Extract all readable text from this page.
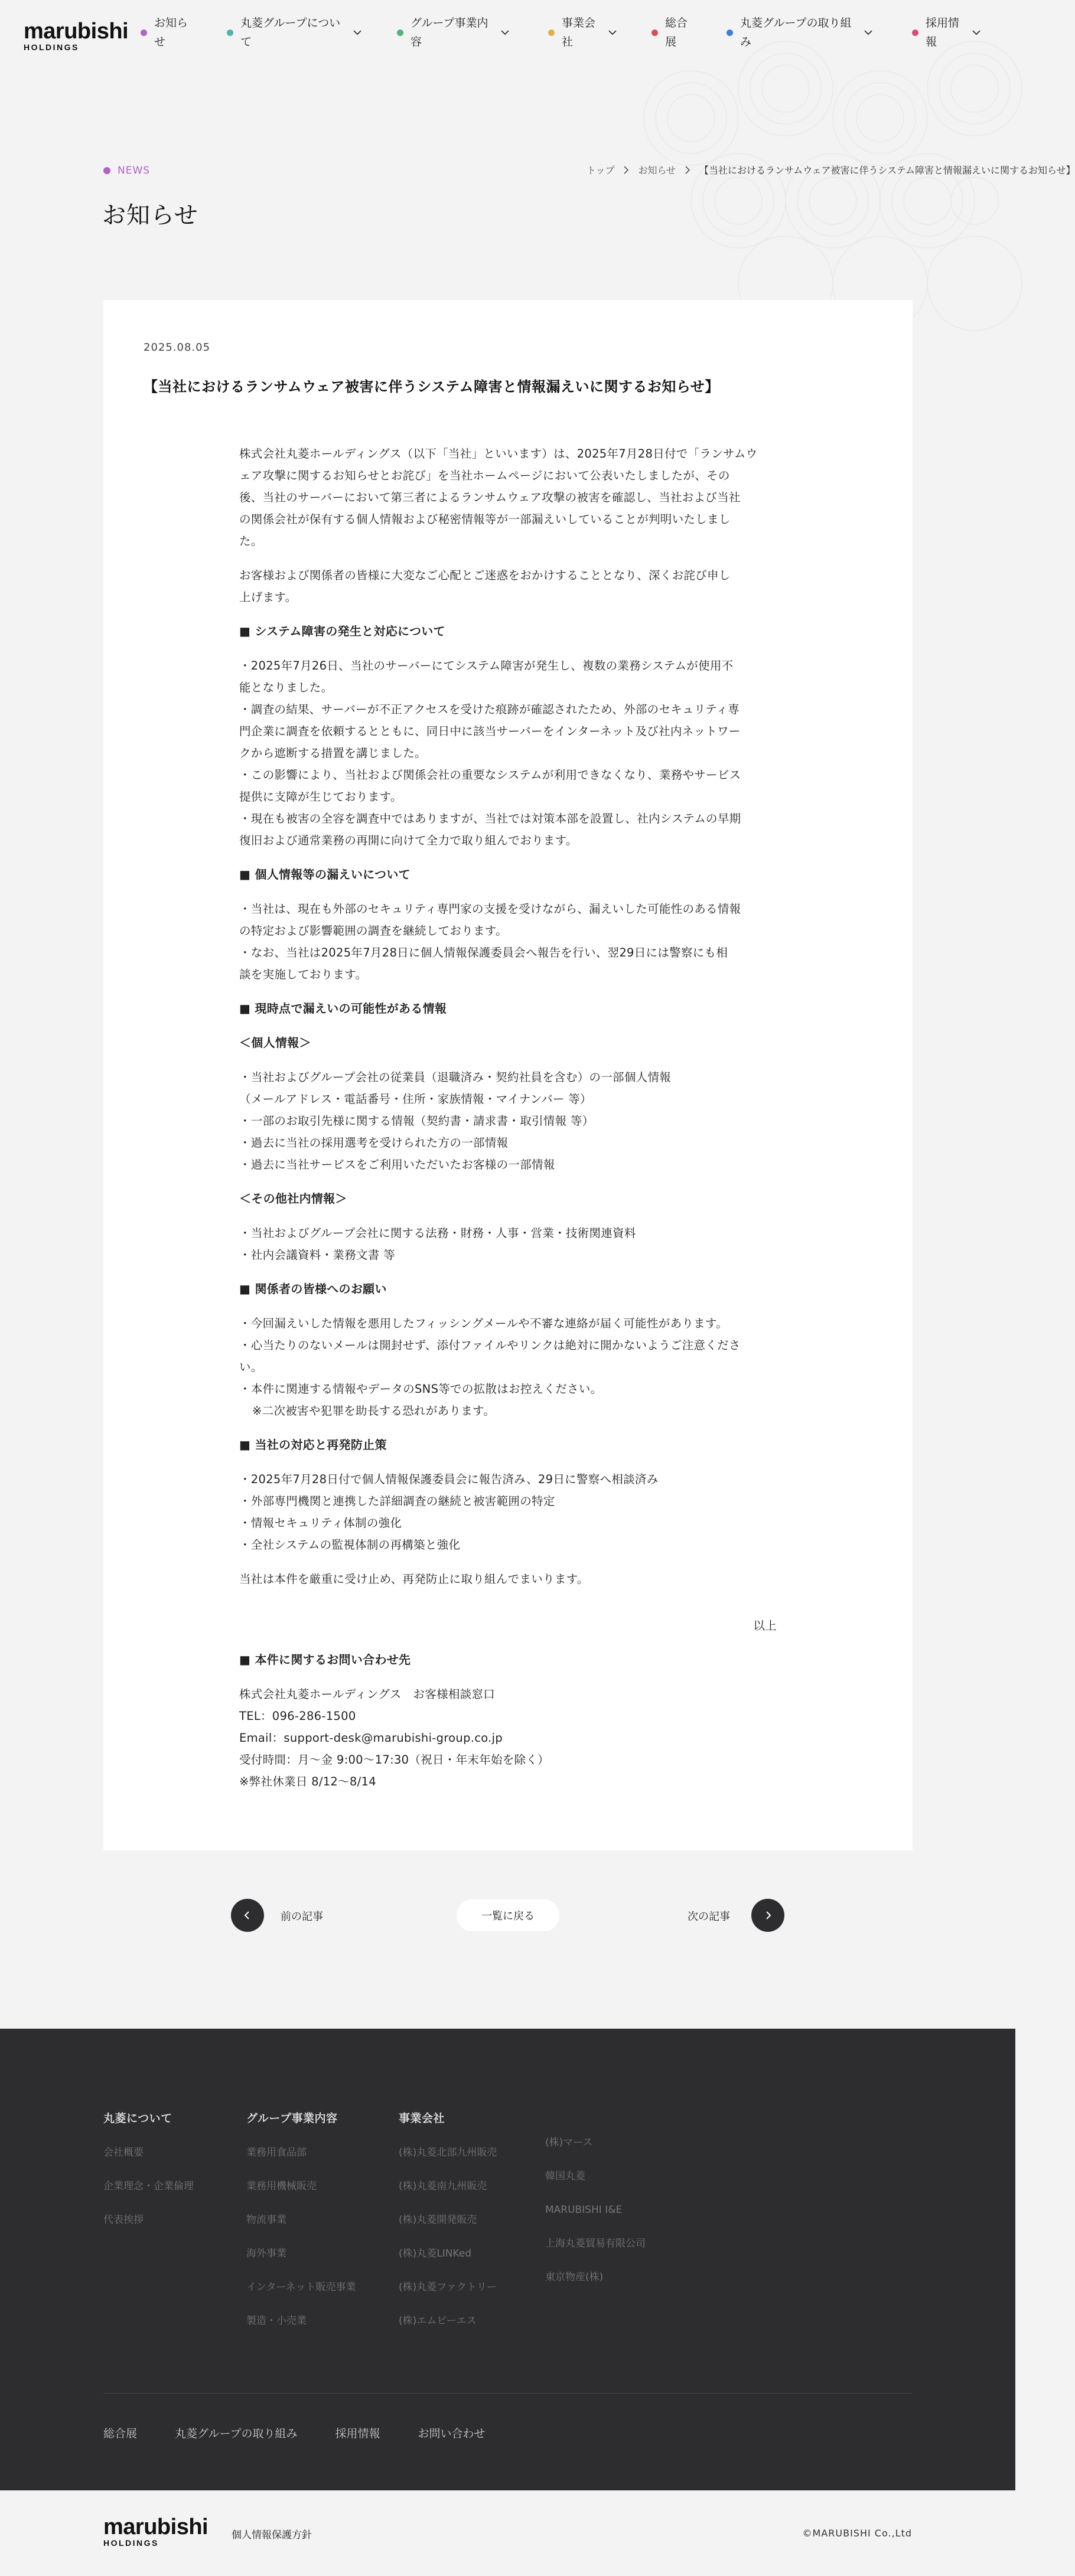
marubishi
HOLDINGS
お知ら
せ
丸菱グループについ
て
グループ事業内
容
事業会
社
総合
展
丸菱グループの取り組
み
採用情
報
NEWS	トップ	お知らせ	【当社におけるランサムウェア被害に伴うシステム障害と情報漏えいに関するお知らせ】
お知らせ
2025.08.05
【当社におけるランサムウェア被害に伴うシステム障害と情報漏えいに関するお知らせ】

株式会社丸菱ホールディングス（以下「当社」といいます）は、2025年7月28日付で「ランサムウ

ェア攻撃に関するお知らせとお詫び」を当社ホームページにおいて公表いたしましたが、その

後、当社のサーバーにおいて第三者によるランサムウェア攻撃の被害を確認し、当社および当社

の関係会社が保有する個人情報および秘密情報等が一部漏えいしていることが判明いたしまし

た。

お客様および関係者の皆様に大変なご心配とご迷惑をおかけすることとなり、深くお詫び申し

上げます。

■ システム障害の発生と対応について

・2025年7月26日、当社のサーバーにてシステム障害が発生し、複数の業務システムが使用不

能となりました。

・調査の結果、サーバーが不正アクセスを受けた痕跡が確認されたため、外部のセキュリティ専

門企業に調査を依頼するとともに、同日中に該当サーバーをインターネット及び社内ネットワー

クから遮断する措置を講じました。

・この影響により、当社および関係会社の重要なシステムが利用できなくなり、業務やサービス

提供に支障が生じております。

・現在も被害の全容を調査中ではありますが、当社では対策本部を設置し、社内システムの早期

復旧および通常業務の再開に向けて全力で取り組んでおります。

■ 個人情報等の漏えいについて

・当社は、現在も外部のセキュリティ専門家の支援を受けながら、漏えいした可能性のある情報

の特定および影響範囲の調査を継続しております。

・なお、当社は2025年7月28日に個人情報保護委員会へ報告を行い、翌29日には警察にも相

談を実施しております。

■ 現時点で漏えいの可能性がある情報
＜個人情報＞

・当社およびグループ会社の従業員（退職済み・契約社員を含む）の一部個人情報

（メールアドレス・電話番号・住所・家族情報・マイナンバー 等）

・一部のお取引先様に関する情報（契約書・請求書・取引情報 等）

・過去に当社の採用選考を受けられた方の一部情報

・過去に当社サービスをご利用いただいたお客様の一部情報

＜その他社内情報＞

・当社およびグループ会社に関する法務・財務・人事・営業・技術関連資料

・社内会議資料・業務文書 等

■ 関係者の皆様へのお願い

・今回漏えいした情報を悪用したフィッシングメールや不審な連絡が届く可能性があります。

・心当たりのないメールは開封せず、添付ファイルやリンクは絶対に開かないようご注意くださ

い。

・本件に関連する情報やデータのSNS等での拡散はお控えください。

※二次被害や犯罪を助長する恐れがあります。

■ 当社の対応と再発防止策

・2025年7月28日付で個人情報保護委員会に報告済み、29日に警察へ相談済み

・外部専門機関と連携した詳細調査の継続と被害範囲の特定

・情報セキュリティ体制の強化

・全社システムの監視体制の再構築と強化

当社は本件を厳重に受け止め、再発防止に取り組んでまいります。

以上

■ 本件に関するお問い合わせ先

株式会社丸菱ホールディングス　お客様相談窓口

TEL：096-286-1500

Email：support-desk@marubishi-group.co.jp

受付時間：月〜金 9:00〜17:30（祝日・年末年始を除く）

※弊社休業日 8/12〜8/14

前の記事	一覧に戻る	次の記事
丸菱について
会社概要
企業理念・企業倫理
代表挨拶
グループ事業内容
業務用食品部
業務用機械販売
物流事業
海外事業
インターネット販売事業
製造・小売業
事業会社
(株)丸菱北部九州販売
(株)丸菱南九州販売
(株)丸菱開発販売
(株)丸菱LINKed
(株)丸菱ファクトリー
(株)エムピーエス
(株)マース
韓国丸菱
MARUBISHI I&E
上海丸菱貿易有限公司
東京物産(株)
総合展	丸菱グループの取り組み	採用情報	お問い合わせ
marubishi
HOLDINGS
個人情報保護方針	©MARUBISHI Co.,Ltd
